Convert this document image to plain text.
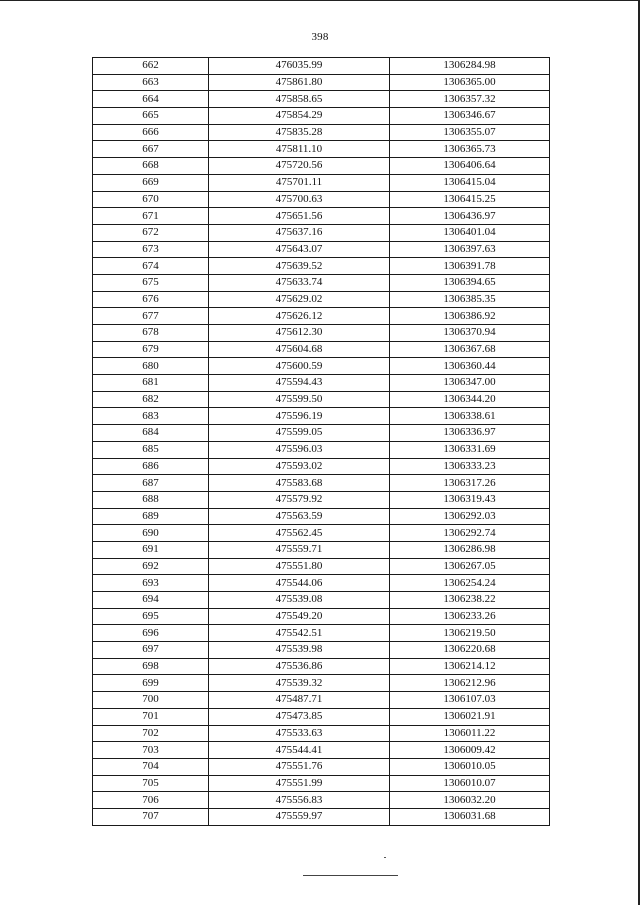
398
662	476035.99	1306284.98
663	475861.80	1306365.00
664	475858.65	1306357.32
665	475854.29	1306346.67
666	475835.28	1306355.07
667	475811.10	1306365.73
668	475720.56	1306406.64
669	475701.11	1306415.04
670	475700.63	1306415.25
671	475651.56	1306436.97
672	475637.16	1306401.04
673	475643.07	1306397.63
674	475639.52	1306391.78
675	475633.74	1306394.65
676	475629.02	1306385.35
677	475626.12	1306386.92
678	475612.30	1306370.94
679	475604.68	1306367.68
680	475600.59	1306360.44
681	475594.43	1306347.00
682	475599.50	1306344.20
683	475596.19	1306338.61
684	475599.05	1306336.97
685	475596.03	1306331.69
686	475593.02	1306333.23
687	475583.68	1306317.26
688	475579.92	1306319.43
689	475563.59	1306292.03
690	475562.45	1306292.74
691	475559.71	1306286.98
692	475551.80	1306267.05
693	475544.06	1306254.24
694	475539.08	1306238.22
695	475549.20	1306233.26
696	475542.51	1306219.50
697	475539.98	1306220.68
698	475536.86	1306214.12
699	475539.32	1306212.96
700	475487.71	1306107.03
701	475473.85	1306021.91
702	475533.63	1306011.22
703	475544.41	1306009.42
704	475551.76	1306010.05
705	475551.99	1306010.07
706	475556.83	1306032.20
707	475559.97	1306031.68
